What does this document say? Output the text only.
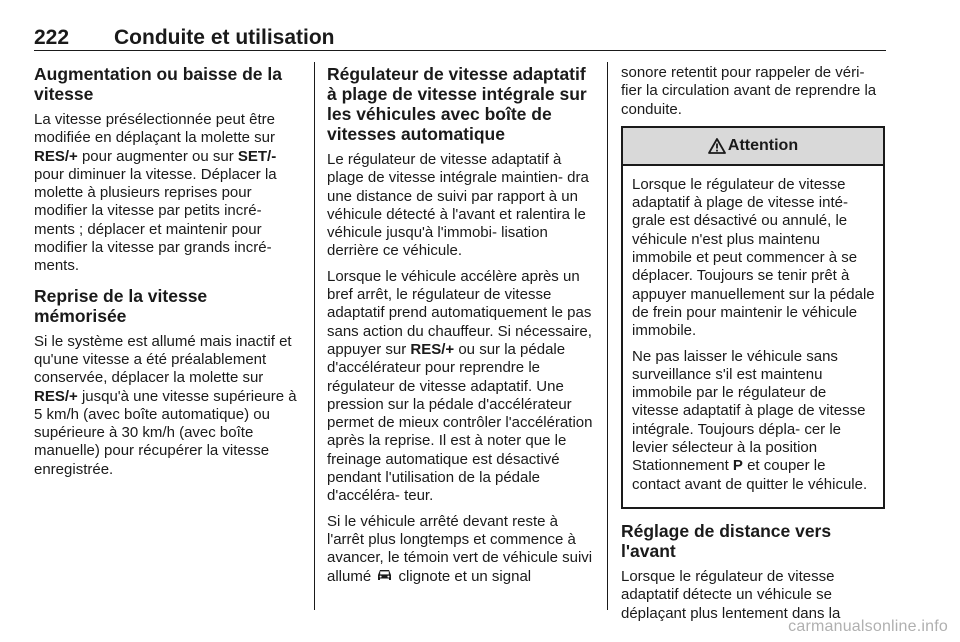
222 Conduite et utilisation
Augmentation ou baisse de la vitesse

La vitesse présélectionnée peut être modifiée en déplaçant la molette sur RES/+ pour augmenter ou sur SET/- pour diminuer la vitesse. Déplacer la molette à plusieurs reprises pour modifier la vitesse par petits incré‐ ments ; déplacer et maintenir pour modifier la vitesse par grands incré‐ ments.

Reprise de la vitesse mémorisée

Si le système est allumé mais inactif et qu'une vitesse a été préalablement conservée, déplacer la molette sur RES/+ jusqu'à une vitesse supérieure à 5 km/h (avec boîte automatique) ou supérieure à 30 km/h (avec boîte manuelle) pour récupérer la vitesse enregistrée.

Régulateur de vitesse adaptatif à plage de vitesse intégrale sur les véhicules avec boîte de vitesses automatique

Le régulateur de vitesse adaptatif à plage de vitesse intégrale maintien‐ dra une distance de suivi par rapport à un véhicule détecté à l'avant et ralentira le véhicule jusqu'à l'immobi‐ lisation derrière ce véhicule.

Lorsque le véhicule accélère après un bref arrêt, le régulateur de vitesse adaptatif prend automatiquement le pas sans action du chauffeur. Si nécessaire, appuyer sur RES/+ ou sur la pédale d'accélérateur pour reprendre le régulateur de vitesse adaptatif. Une pression sur la pédale d'accélérateur permet de mieux contrôler l'accélération après la reprise. Il est à noter que le freinage automatique est désactivé pendant l'utilisation de la pédale d'accéléra‐ teur.

Si le véhicule arrêté devant reste à l'arrêt plus longtemps et commence à avancer, le témoin vert de véhicule suivi allumé  clignote et un signal

sonore retentit pour rappeler de véri‐ fier la circulation avant de reprendre la conduite.

Attention

Lorsque le régulateur de vitesse adaptatif à plage de vitesse inté‐ grale est désactivé ou annulé, le véhicule n'est plus maintenu immobile et peut commencer à se déplacer. Toujours se tenir prêt à appuyer manuellement sur la pédale de frein pour maintenir le véhicule immobile.

Ne pas laisser le véhicule sans surveillance s'il est maintenu immobile par le régulateur de vitesse adaptatif à plage de vitesse intégrale. Toujours dépla‐ cer le levier sélecteur à la position Stationnement P et couper le contact avant de quitter le véhicule.

Réglage de distance vers l'avant

Lorsque le régulateur de vitesse adaptatif détecte un véhicule se déplaçant plus lentement dans la

carmanualsonline.info
